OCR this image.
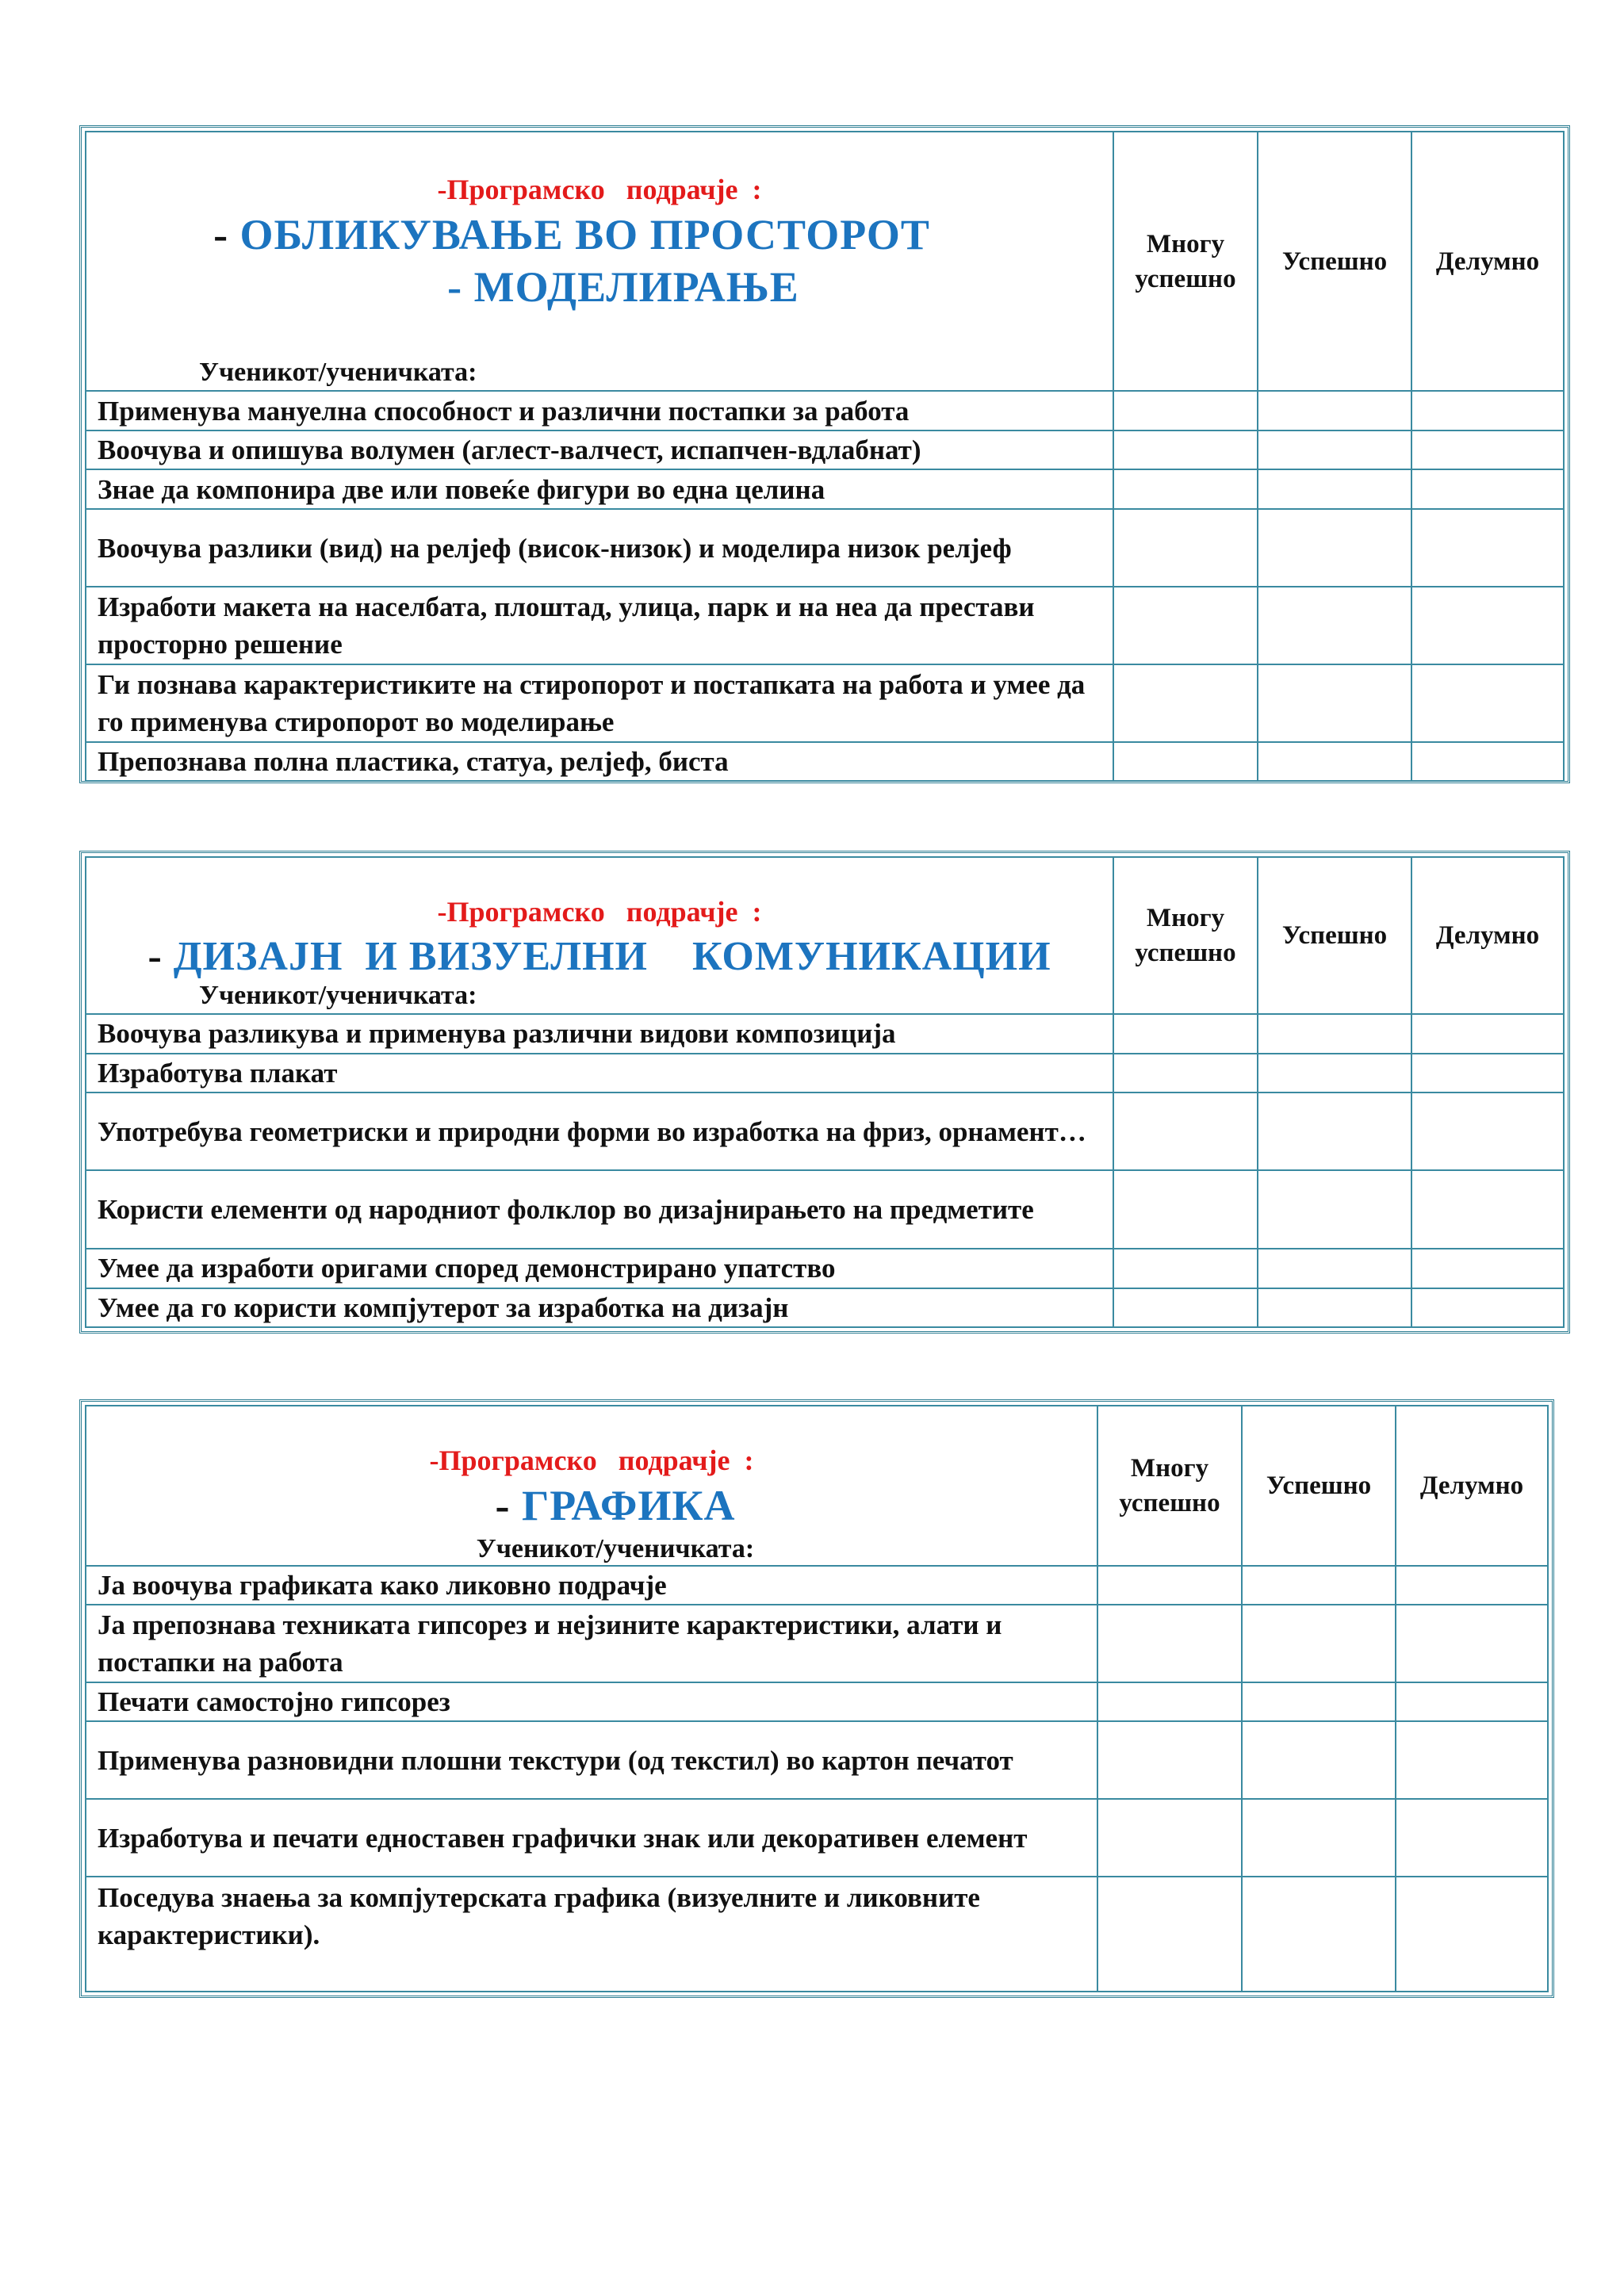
-Програмско   подрачје  :
- ОБЛИКУВАЊЕ ВО ПРОСТОРОТ
- МОДЕЛИРАЊЕ
Ученикот/ученичката:	Многу успешно	Успешно	Делумно
Применува мануелна способност и различни постапки за работа			
Воочува и опишува волумен (аглест-валчест, испапчен-вдлабнат)			
Знае да компонира две или повеќе фигури во една целина			
Воочува разлики (вид) на релјеф (висок-низок) и моделира низок релјеф			
Изработи макета на населбата, плоштад, улица, парк и на неа да престави просторно решение			
Ги познава карактеристиките на стиропорот и постапката на работа и умее да го применува стиропорот во моделирање			
Препознава полна пластика, статуа, релјеф, биста			
-Програмско   подрачје  :
- ДИЗАЈН  И ВИЗУЕЛНИ    КОМУНИКАЦИИ
Ученикот/ученичката:	Многу успешно	Успешно	Делумно
Воочува разликува и применува различни видови композиција			
Изработува плакат			
Употребува геометриски и природни форми во изработка на фриз, орнамент…			
Користи елементи од народниот фолклор во дизајнирањето на предметите			
Умее да изработи оригами според демонстрирано упатство			
Умее да го користи компјутерот за изработка на дизајн			
-Програмско   подрачје  :
- ГРАФИКА
Ученикот/ученичката:	Многу успешно	Успешно	Делумно
Ја воочува графиката како ликовно подрачје			
Ја препознава техниката гипсорез и нејзините карактеристики, алати и постапки на работа			
Печати самостојно гипсорез			
Применува разновидни плошни текстури (од текстил) во картон печатот			
Изработува и печати едноставен графички знак или декоративен елемент			
Поседува знаења за компјутерската графика (визуелните и ликовните карактеристики).			
